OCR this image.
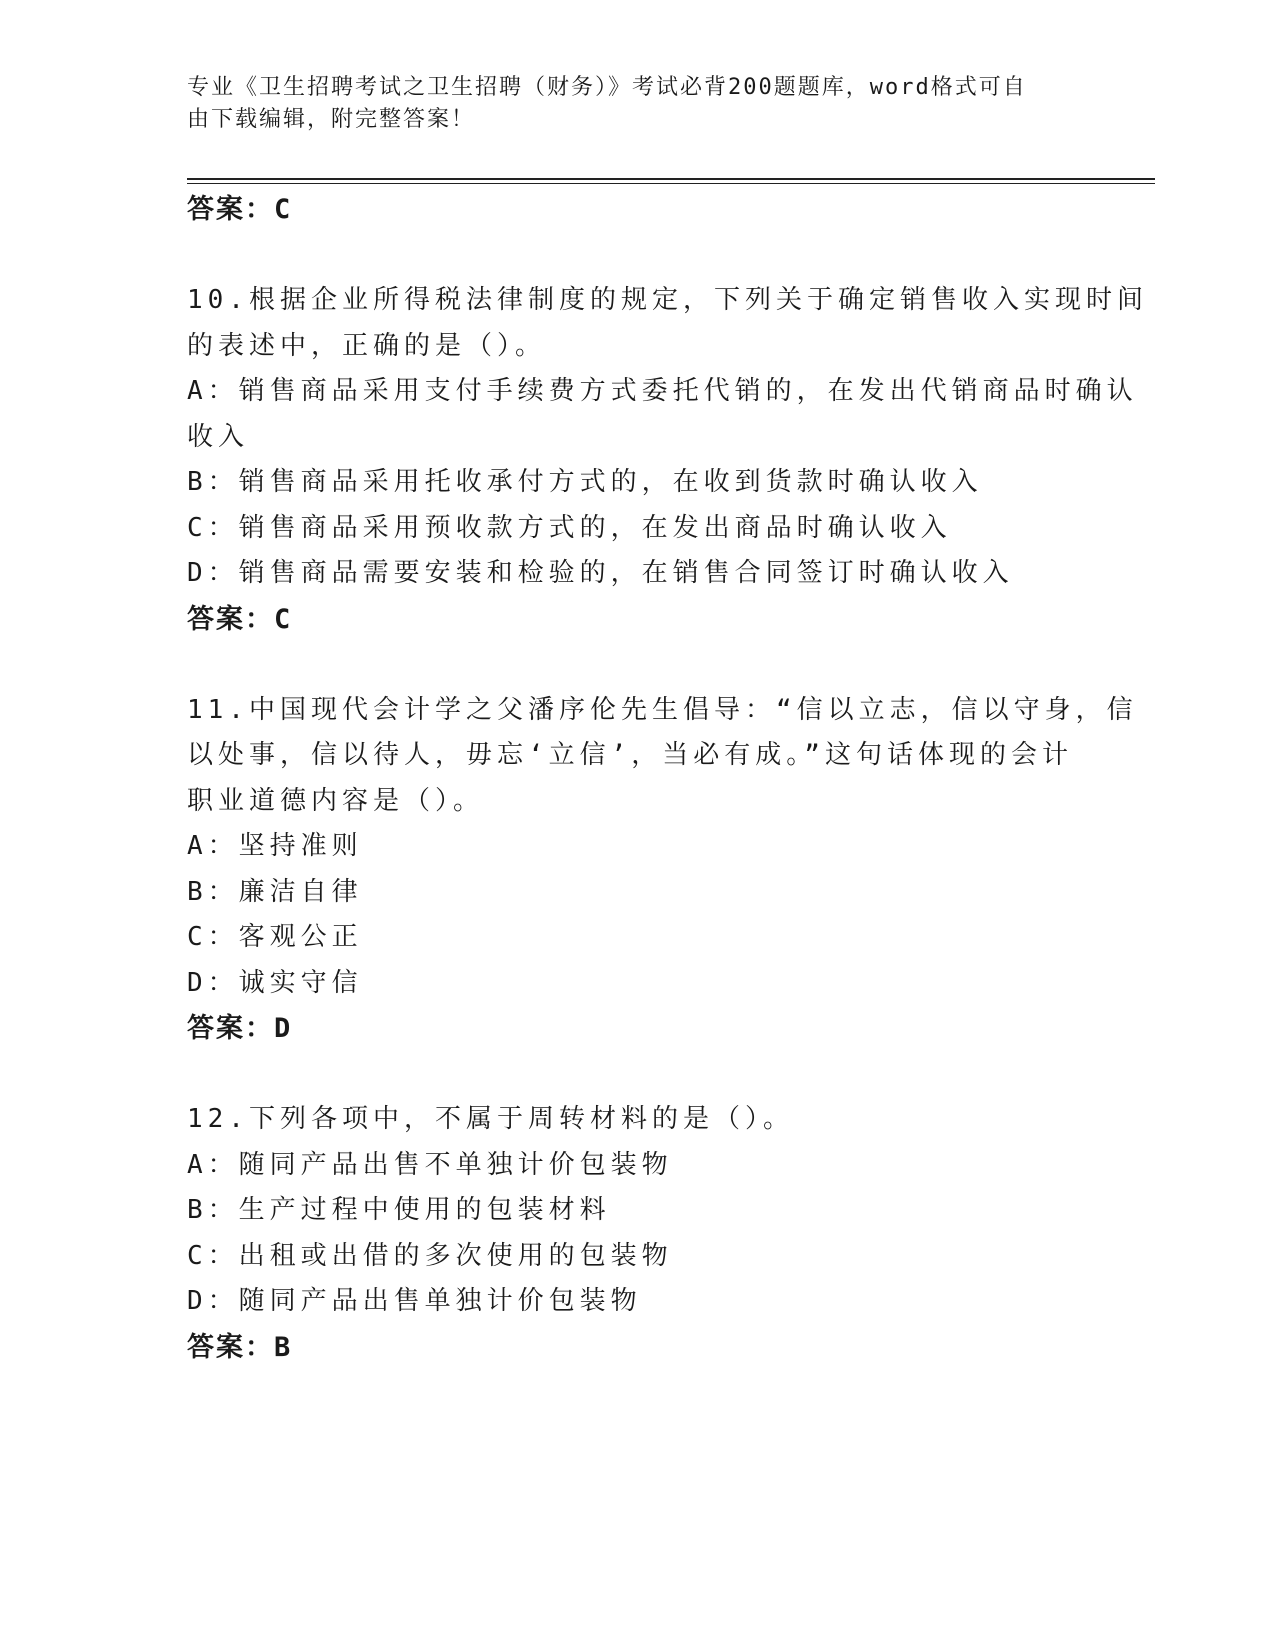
专业《卫生招聘考试之卫生招聘（财务）》考试必背200题题库，word格式可自
由下载编辑，附完整答案！
答案：C
10.根据企业所得税法律制度的规定，下列关于确定销售收入实现时间
的表述中，正确的是（）。
A：销售商品采用支付手续费方式委托代销的，在发出代销商品时确认
收入
B：销售商品采用托收承付方式的，在收到货款时确认收入
C：销售商品采用预收款方式的，在发出商品时确认收入
D：销售商品需要安装和检验的，在销售合同签订时确认收入
答案：C
11.中国现代会计学之父潘序伦先生倡导：“信以立志，信以守身，信
以处事，信以待人，毋忘‘立信’，当必有成。”这句话体现的会计
职业道德内容是（）。
A：坚持准则
B：廉洁自律
C：客观公正
D：诚实守信
答案：D
12.下列各项中，不属于周转材料的是（）。
A：随同产品出售不单独计价包装物
B：生产过程中使用的包装材料
C：出租或出借的多次使用的包装物
D：随同产品出售单独计价包装物
答案：B
